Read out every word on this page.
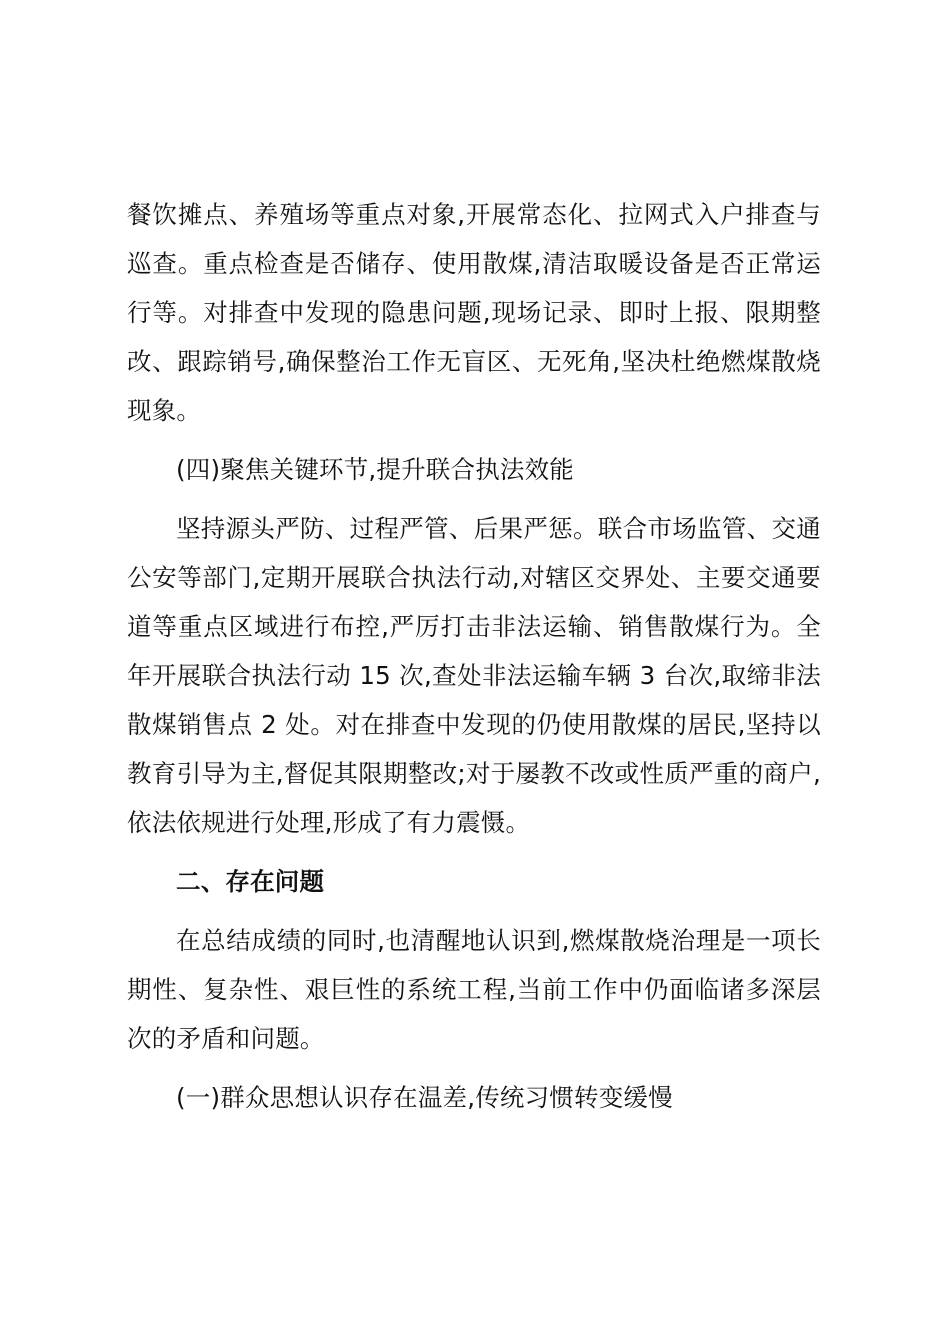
餐饮摊点、养殖场等重点对象,开展常态化、拉网式入户排查与巡查。重点检查是否储存、使用散煤,清洁取暖设备是否正常运行等。对排查中发现的隐患问题,现场记录、即时上报、限期整改、跟踪销号,确保整治工作无盲区、无死角,坚决杜绝燃煤散烧现象。

(四)聚焦关键环节,提升联合执法效能

坚持源头严防、过程严管、后果严惩。联合市场监管、交通公安等部门,定期开展联合执法行动,对辖区交界处、主要交通要道等重点区域进行布控,严厉打击非法运输、销售散煤行为。全年开展联合执法行动 15 次,查处非法运输车辆 3 台次,取缔非法散煤销售点 2 处。对在排查中发现的仍使用散煤的居民,坚持以教育引导为主,督促其限期整改;对于屡教不改或性质严重的商户,依法依规进行处理,形成了有力震慑。

二、存在问题

在总结成绩的同时,也清醒地认识到,燃煤散烧治理是一项长期性、复杂性、艰巨性的系统工程,当前工作中仍面临诸多深层次的矛盾和问题。

(一)群众思想认识存在温差,传统习惯转变缓慢
